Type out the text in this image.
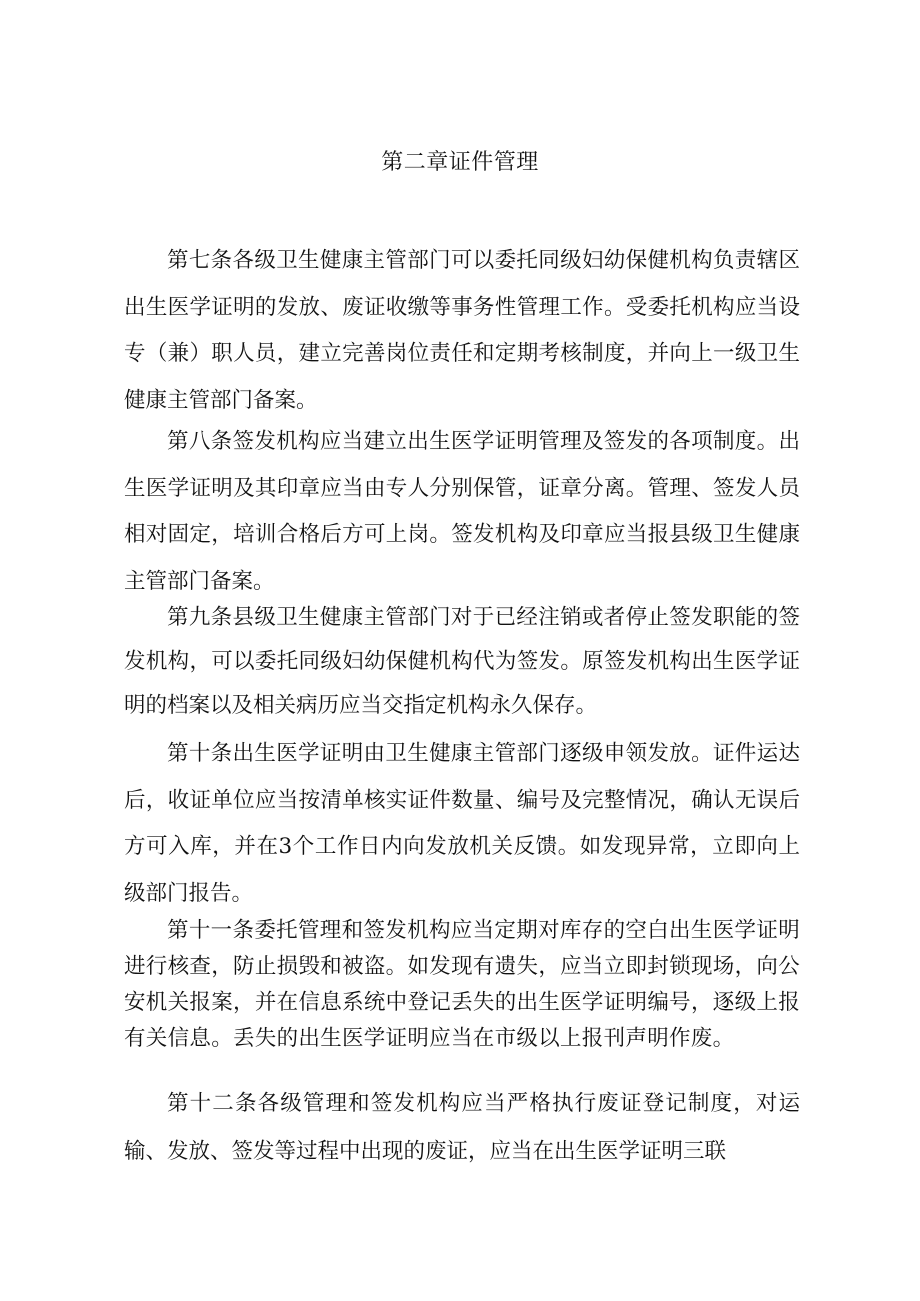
第二章证件管理

第七条各级卫生健康主管部门可以委托同级妇幼保健机构负责辖区出生医学证明的发放、废证收缴等事务性管理工作。受委托机构应当设专（兼）职人员，建立完善岗位责任和定期考核制度，并向上一级卫生健康主管部门备案。

第八条签发机构应当建立出生医学证明管理及签发的各项制度。出生医学证明及其印章应当由专人分别保管，证章分离。管理、签发人员相对固定，培训合格后方可上岗。签发机构及印章应当报县级卫生健康主管部门备案。

第九条县级卫生健康主管部门对于已经注销或者停止签发职能的签发机构，可以委托同级妇幼保健机构代为签发。原签发机构出生医学证明的档案以及相关病历应当交指定机构永久保存。

第十条出生医学证明由卫生健康主管部门逐级申领发放。证件运达后，收证单位应当按清单核实证件数量、编号及完整情况，确认无误后方可入库，并在3个工作日内向发放机关反馈。如发现异常，立即向上级部门报告。

第十一条委托管理和签发机构应当定期对库存的空白出生医学证明进行核查，防止损毁和被盗。如发现有遗失，应当立即封锁现场，向公安机关报案，并在信息系统中登记丢失的出生医学证明编号，逐级上报有关信息。丢失的出生医学证明应当在市级以上报刊声明作废。

第十二条各级管理和签发机构应当严格执行废证登记制度，对运输、发放、签发等过程中出现的废证，应当在出生医学证明三联
